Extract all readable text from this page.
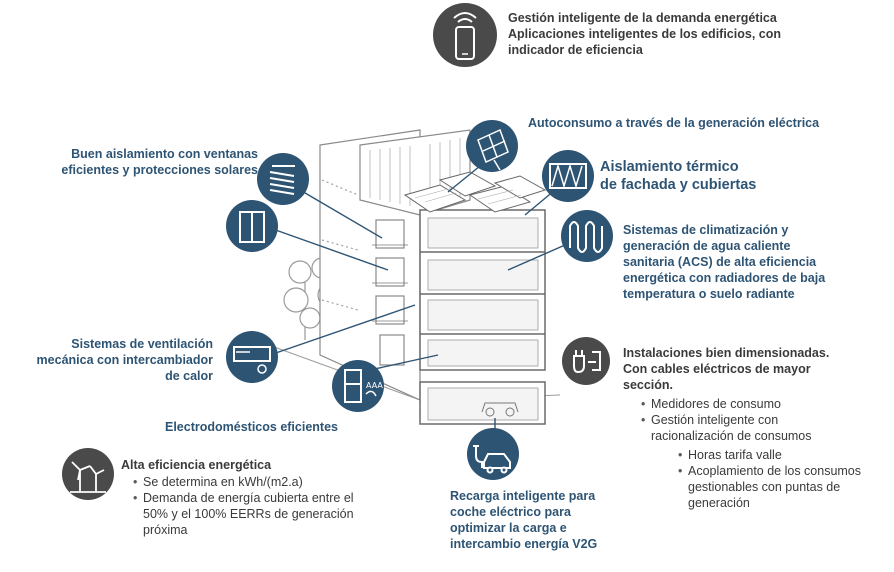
AAA
Gestión inteligente de la demanda energética
Aplicaciones inteligentes de los edificios, con
indicador de eficiencia
Autoconsumo a través de la generación eléctrica
Buen aislamiento con ventanas
eficientes y protecciones solares	Aislamiento térmico
de fachada y cubiertas
Sistemas de climatización y
generación de agua caliente
sanitaria (ACS) de alta eficiencia
energética con radiadores de baja
temperatura o suelo radiante
Sistemas de ventilación
mecánica con intercambiador
de calor
Electrodomésticos eficientes
Instalaciones bien dimensionadas.
Con cables eléctricos de mayor
sección.
• Medidores de consumo
• Gestión inteligente con racionalización de consumos
• Horas tarifa valle
• Acoplamiento de los consumos gestionables con puntas de generación
Alta eficiencia energética
• Se determina en kWh/(m2.a)
• Demanda de energía cubierta entre el 50% y el 100% EERRs de generación próxima
Recarga inteligente para
coche eléctrico para
optimizar la carga e
intercambio energía V2G
